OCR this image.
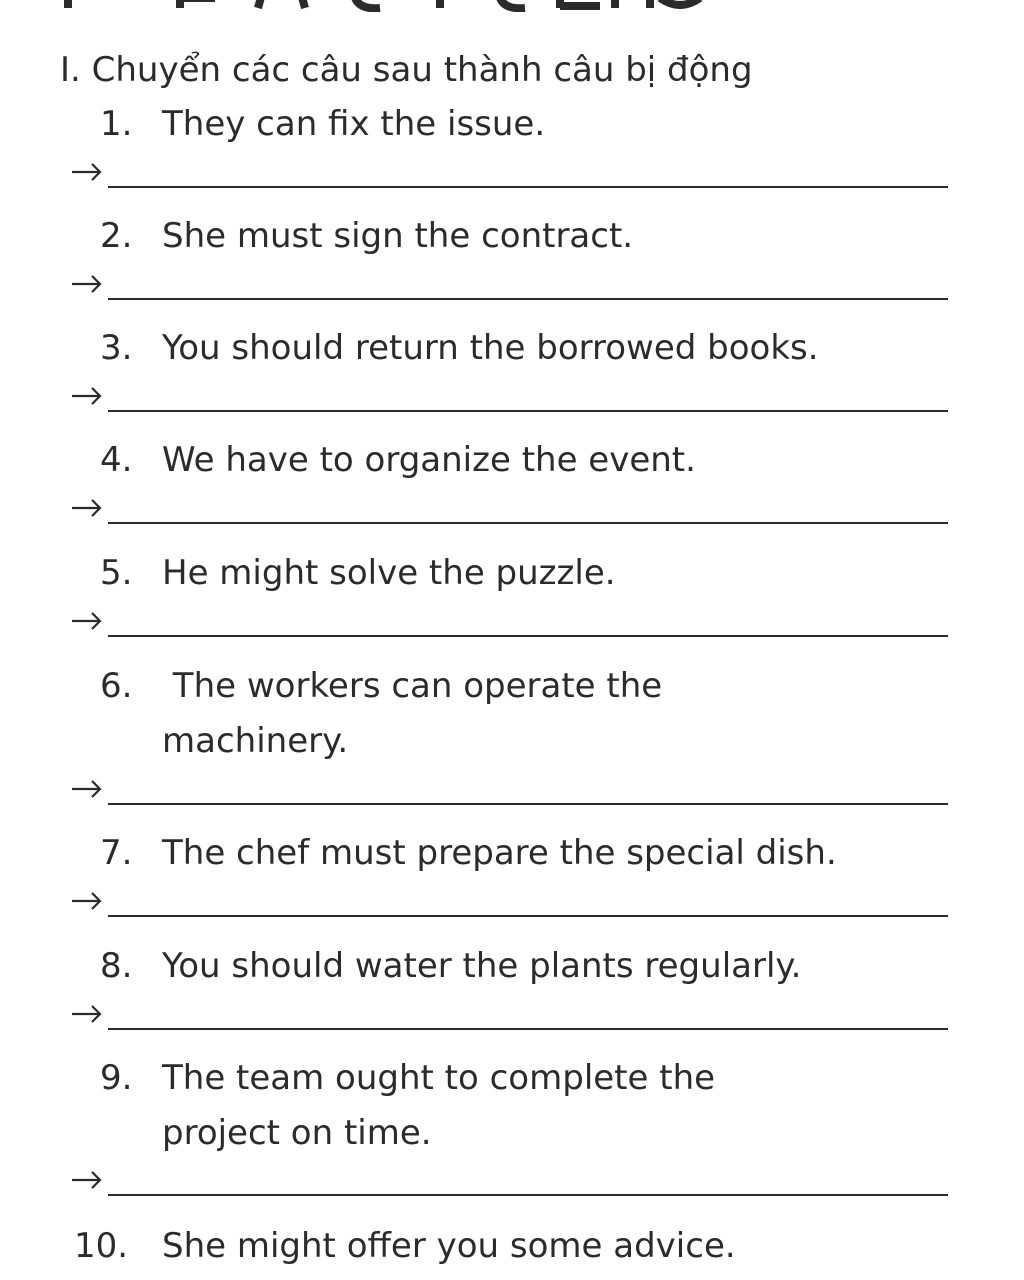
I. Chuyển các câu sau thành câu bị động
1. They can fix the issue.
2. She must sign the contract.
3. You should return the borrowed books.
4. We have to organize the event.
5. He might solve the puzzle.
6. The workers can operate the
machinery.
7. The chef must prepare the special dish.
8. You should water the plants regularly.
9. The team ought to complete the
project on time.
10. She might offer you some advice.
